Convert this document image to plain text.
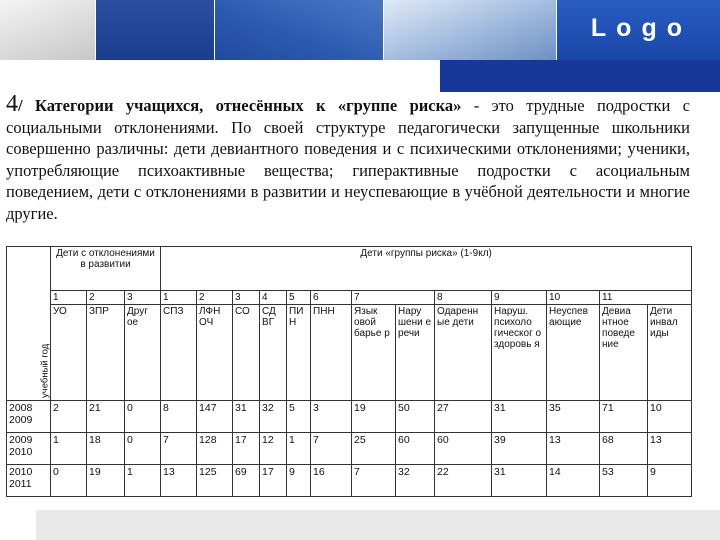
Logo
4/ Категории учащихся, отнесённых к «группе риска» - это трудные подростки с социальными отклонениями. По своей структуре педагогически запущенные школьники совершенно различны: дети девиантного поведения и с психическими отклонениями; ученики, употребляющие психоактивные вещества; гиперактивные подростки с асоциальным поведением, дети с отклонениями в развитии и неуспевающие в учёбной деятельности и многие другие.
учебный год	Дети с отклонениями в развитии			Дети «группы риска» (1-9кл)												
	1	2	3	1	2	3	4	5	6	7		8	9	10	11	
	УО	ЗПР	Друг ое	СПЗ	ЛФН ОЧ	СО	СД ВГ	ПИ Н	ПНН	Язык овой барье р	Нару шени е речи	Одаренн ые дети	Наруш. психоло гическог о здоровь я	Неуспев ающие	Девиа нтное поведе ние	Дети инвал иды
2008 2009	2	21	0	8	147	31	32	5	3	19	50	27	31	35	71	10
2009 2010	1	18	0	7	128	17	12	1	7	25	60	60	39	13	68	13
2010 2011	0	19	1	13	125	69	17	9	16	7	32	22	31	14	53	9
